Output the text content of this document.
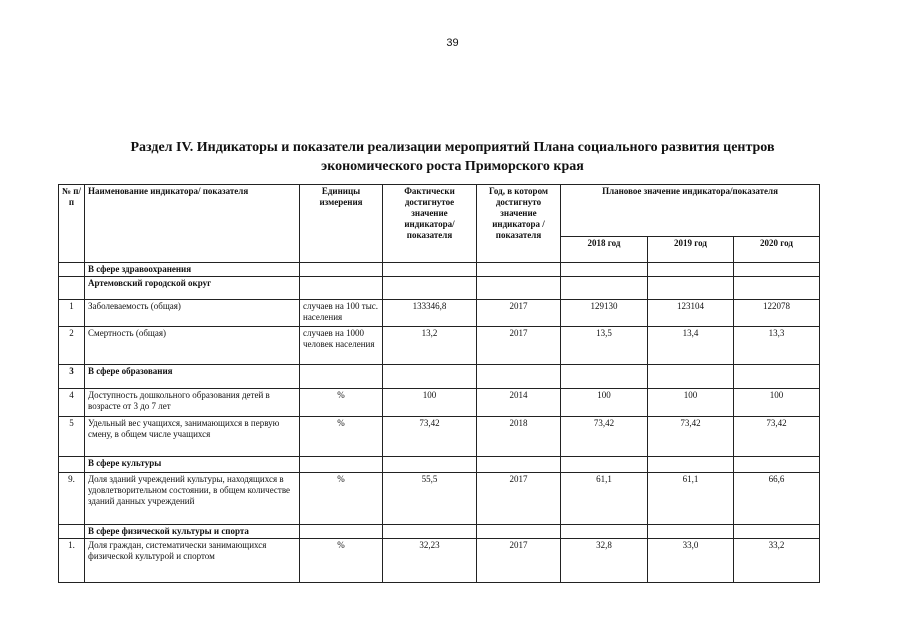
39
Раздел IV. Индикаторы и показатели реализации мероприятий Плана социального развития центров
экономического роста Приморского края
№ п/п	Наименование индикатора/ показателя	Единицы измерения	Фактически достигнутое значение индикатора/ показателя	Год, в котором достигнуто значение индикатора /показателя	Плановое значение индикатора/показателя		
					2018 год	2019 год	2020 год
	В сфере здравоохранения						
	Артемовский городской округ						
1	Заболеваемость (общая)	случаев на 100 тыс. населения	133346,8	2017	129130	123104	122078
2	Смертность (общая)	случаев на 1000 человек населения	13,2	2017	13,5	13,4	13,3
3	В сфере образования						
4	Доступность дошкольного образования детей в возрасте от 3 до 7 лет	%	100	2014	100	100	100
5	Удельный вес учащихся, занимающихся в первую смену, в общем числе учащихся	%	73,42	2018	73,42	73,42	73,42
	В сфере культуры						
9.	Доля зданий учреждений культуры, находящихся в удовлетворительном состоянии, в общем количестве зданий данных учреждений	%	55,5	2017	61,1	61,1	66,6
	В сфере физической культуры и спорта						
1.	Доля граждан, систематически занимающихся физической культурой и спортом	%	32,23	2017	32,8	33,0	33,2
